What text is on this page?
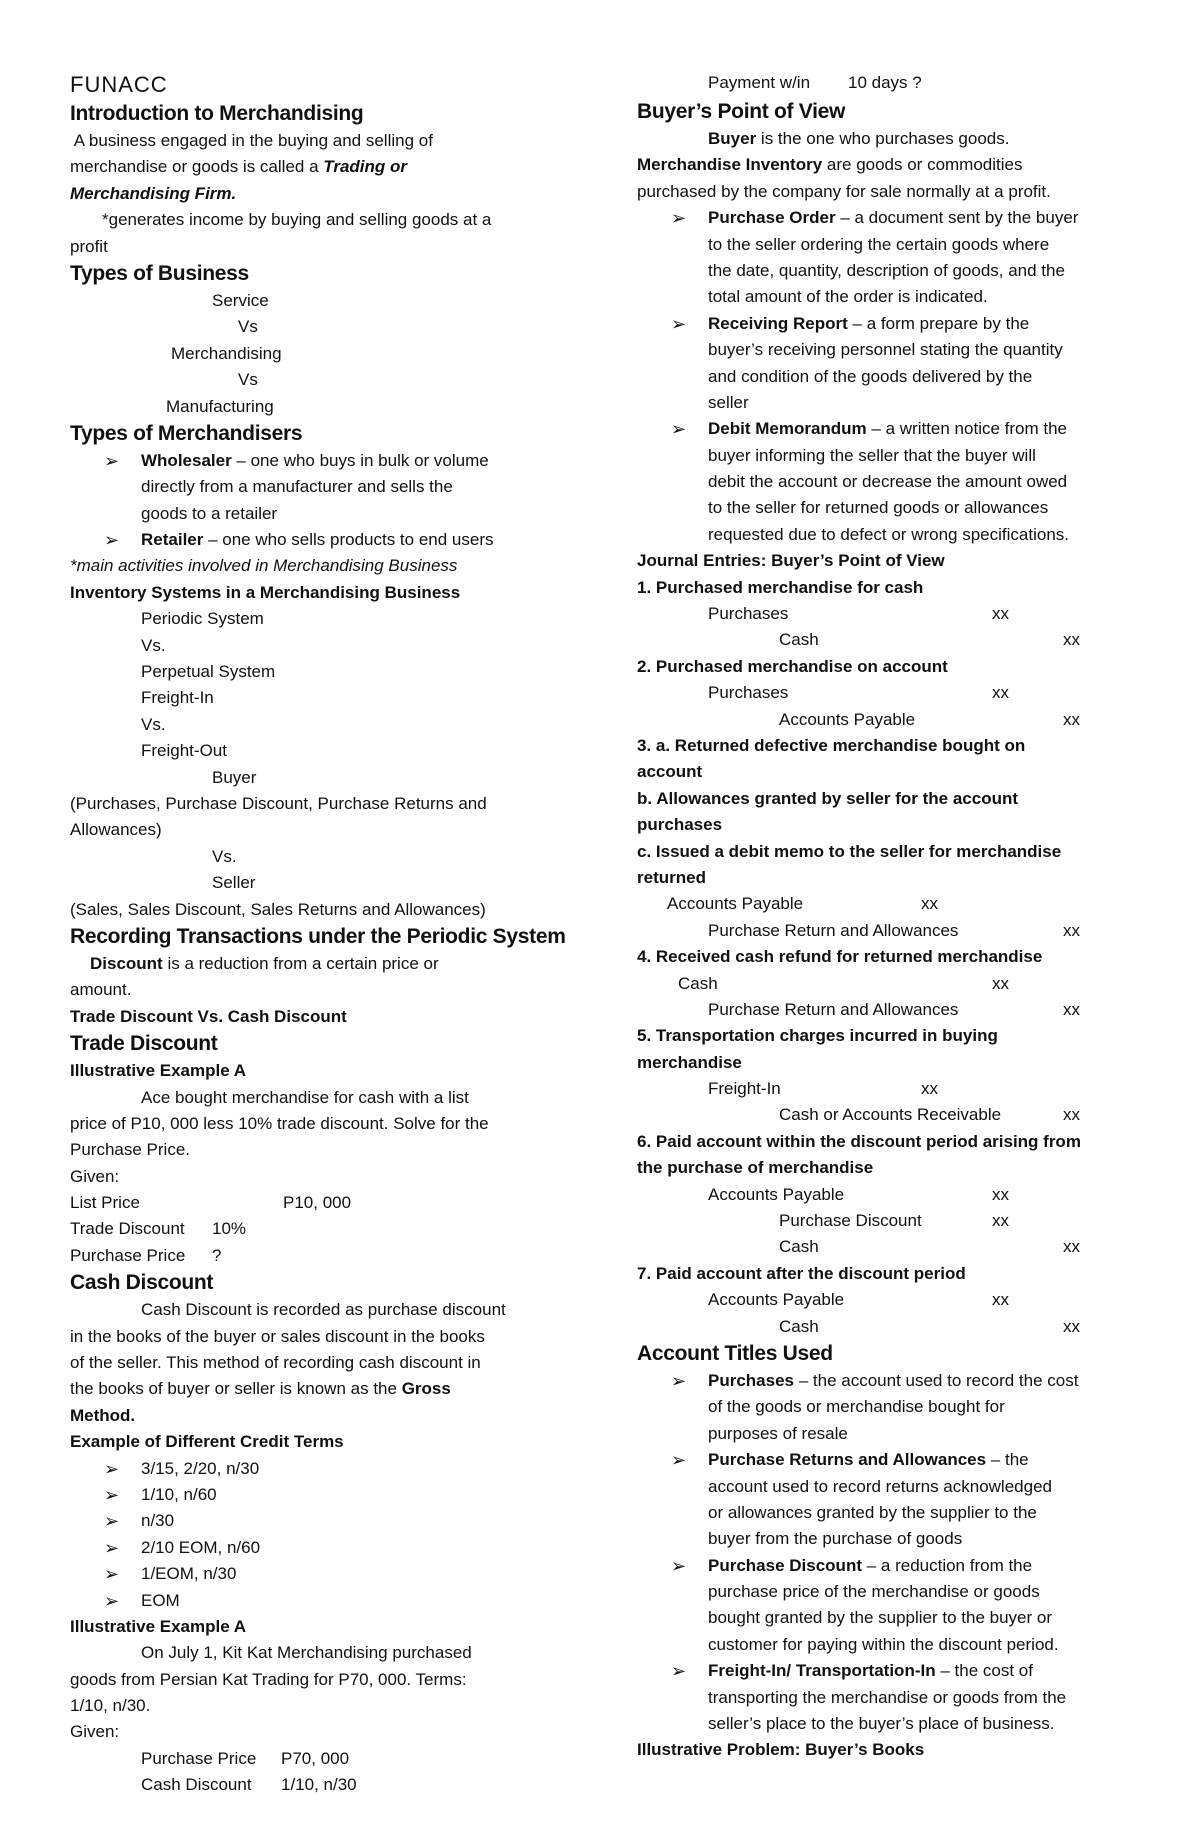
FUNACC
Introduction to Merchandising
A business engaged in the buying and selling of
merchandise or goods is called a Trading or
Merchandising Firm.
*generates income by buying and selling goods at a
profit
Types of Business
Service
Vs
Merchandising
Vs
Manufacturing
Types of Merchandisers
➢ Wholesaler – one who buys in bulk or volume
directly from a manufacturer and sells the
goods to a retailer
➢ Retailer – one who sells products to end users
*main activities involved in Merchandising Business
Inventory Systems in a Merchandising Business
Periodic System
Vs.
Perpetual System
Freight-In
Vs.
Freight-Out
Buyer
(Purchases, Purchase Discount, Purchase Returns and
Allowances)
Vs.
Seller
(Sales, Sales Discount, Sales Returns and Allowances)
Recording Transactions under the Periodic System
Discount is a reduction from a certain price or
amount.
Trade Discount Vs. Cash Discount
Trade Discount
Illustrative Example A
Ace bought merchandise for cash with a list
price of P10, 000 less 10% trade discount. Solve for the
Purchase Price.
Given:
List Price	P10, 000
Trade Discount 10%
Purchase Price ?
Cash Discount
Cash Discount is recorded as purchase discount
in the books of the buyer or sales discount in the books
of the seller. This method of recording cash discount in
the books of buyer or seller is known as the Gross
Method.
Example of Different Credit Terms
➢ 3/15, 2/20, n/30
➢ 1/10, n/60
➢ n/30
➢ 2/10 EOM, n/60
➢ 1/EOM, n/30
➢ EOM
Illustrative Example A
On July 1, Kit Kat Merchandising purchased
goods from Persian Kat Trading for P70, 000. Terms:
1/10, n/30.
Given:
Purchase Price P70, 000
Cash Discount 1/10, n/30
Payment w/in 10 days ?
Buyer’s Point of View
Buyer is the one who purchases goods.
Merchandise Inventory are goods or commodities
purchased by the company for sale normally at a profit.
➢ Purchase Order – a document sent by the buyer
to the seller ordering the certain goods where
the date, quantity, description of goods, and the
total amount of the order is indicated.
➢ Receiving Report – a form prepare by the
buyer’s receiving personnel stating the quantity
and condition of the goods delivered by the
seller
➢ Debit Memorandum – a written notice from the
buyer informing the seller that the buyer will
debit the account or decrease the amount owed
to the seller for returned goods or allowances
requested due to defect or wrong specifications.
Journal Entries: Buyer’s Point of View
1. Purchased merchandise for cash
Purchases	xx
Cash	xx
2. Purchased merchandise on account
Purchases	xx
Accounts Payable	xx
3. a. Returned defective merchandise bought on
account
b. Allowances granted by seller for the account
purchases
c. Issued a debit memo to the seller for merchandise
returned
Accounts Payable	xx
Purchase Return and Allowances	xx
4. Received cash refund for returned merchandise
Cash	xx
Purchase Return and Allowances	xx
5. Transportation charges incurred in buying
merchandise
Freight-In	xx
Cash or Accounts Receivable	xx
6. Paid account within the discount period arising from
the purchase of merchandise
Accounts Payable	xx
Purchase Discount	xx
Cash	xx
7. Paid account after the discount period
Accounts Payable	xx
Cash	xx
Account Titles Used
➢ Purchases – the account used to record the cost
of the goods or merchandise bought for
purposes of resale
➢ Purchase Returns and Allowances – the
account used to record returns acknowledged
or allowances granted by the supplier to the
buyer from the purchase of goods
➢ Purchase Discount – a reduction from the
purchase price of the merchandise or goods
bought granted by the supplier to the buyer or
customer for paying within the discount period.
➢ Freight-In/ Transportation-In – the cost of
transporting the merchandise or goods from the
seller’s place to the buyer’s place of business.
Illustrative Problem: Buyer’s Books
